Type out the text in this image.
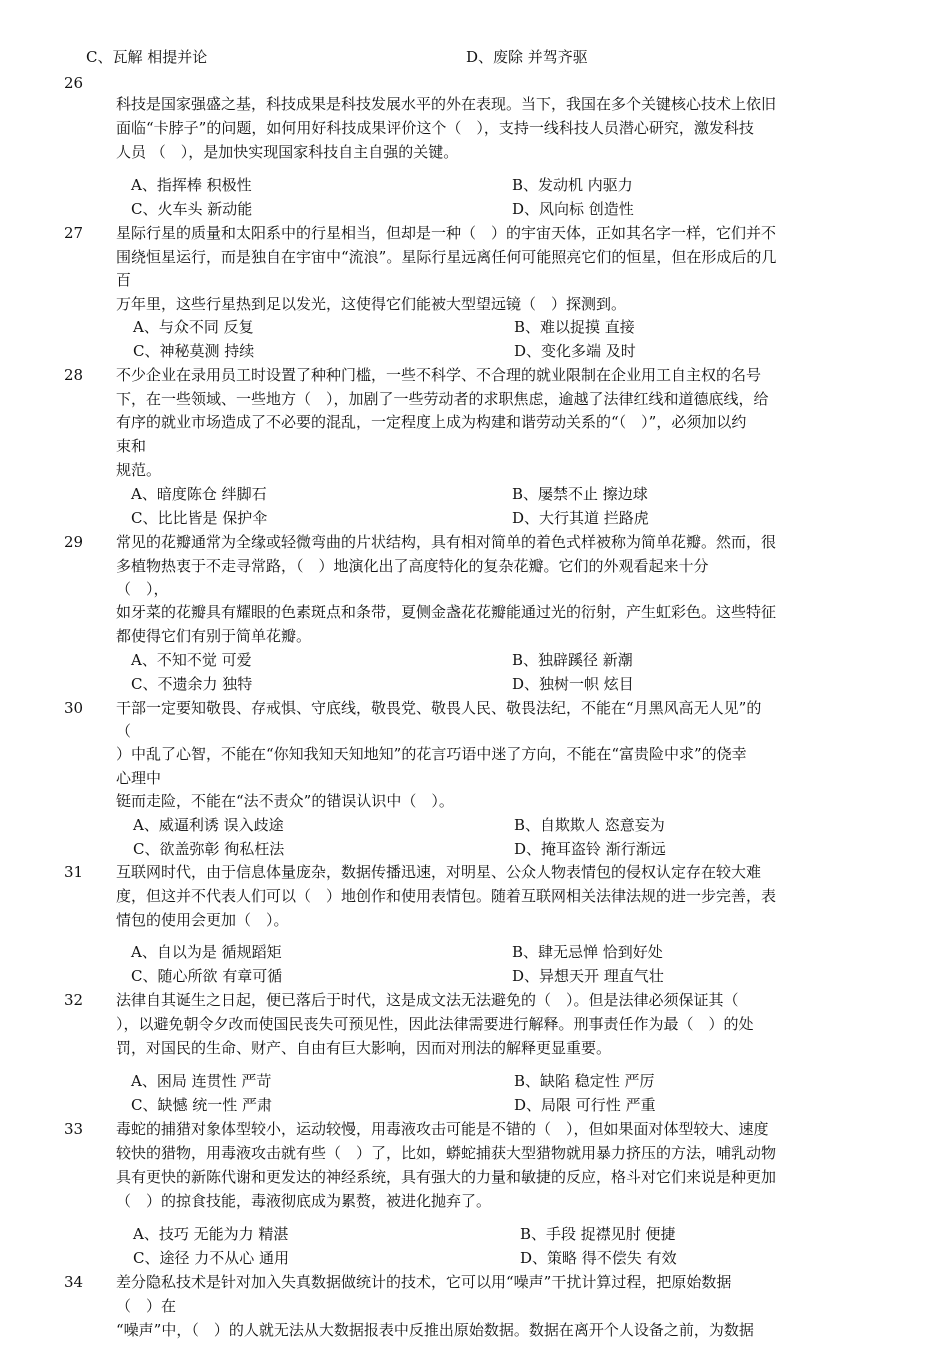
C、瓦解 相提并论	D、废除 并驾齐驱
26
科技是国家强盛之基，科技成果是科技发展水平的外在表现。当下，我国在多个关键核心技术上依旧
面临“卡脖子”的问题，如何用好科技成果评价这个（　），支持一线科技人员潜心研究，激发科技
人员 （　），是加快实现国家科技自主自强的关键。
A、指挥棒 积极性	B、发动机 内驱力
C、火车头 新动能	D、风向标 创造性
27 星际行星的质量和太阳系中的行星相当，但却是一种（　）的宇宙天体，正如其名字一样，它们并不
围绕恒星运行，而是独自在宇宙中“流浪”。星际行星远离任何可能照亮它们的恒星，但在形成后的几
百
万年里，这些行星热到足以发光，这使得它们能被大型望远镜（　）探测到。
A、与众不同 反复	B、难以捉摸 直接
C、神秘莫测 持续	D、变化多端 及时
28 不少企业在录用员工时设置了种种门槛，一些不科学、不合理的就业限制在企业用工自主权的名号
下，在一些领域、一些地方（　），加剧了一些劳动者的求职焦虑，逾越了法律红线和道德底线，给
有序的就业市场造成了不必要的混乱，一定程度上成为构建和谐劳动关系的“（　）”，必须加以约
束和
规范。
A、暗度陈仓 绊脚石	B、屡禁不止 擦边球
C、比比皆是 保护伞	D、大行其道 拦路虎
29 常见的花瓣通常为全缘或轻微弯曲的片状结构，具有相对简单的着色式样被称为简单花瓣。然而，很
多植物热衷于不走寻常路，（　）地演化出了高度特化的复杂花瓣。它们的外观看起来十分
（　），
如牙菜的花瓣具有耀眼的色素斑点和条带，夏侧金盏花花瓣能通过光的衍射，产生虹彩色。这些特征
都使得它们有别于简单花瓣。
A、不知不觉 可爱	B、独辟蹊径 新潮
C、不遗余力 独特	D、独树一帜 炫目
30 干部一定要知敬畏、存戒惧、守底线，敬畏党、敬畏人民、敬畏法纪，不能在“月黑风高无人见”的
（
）中乱了心智，不能在“你知我知天知地知”的花言巧语中迷了方向，不能在“富贵险中求”的侥幸
心理中
铤而走险，不能在“法不责众”的错误认识中（　）。
A、威逼利诱 误入歧途	B、自欺欺人 恣意妄为
C、欲盖弥彰 徇私枉法	D、掩耳盗铃 渐行渐远
31 互联网时代，由于信息体量庞杂，数据传播迅速，对明星、公众人物表情包的侵权认定存在较大难
度，但这并不代表人们可以（　）地创作和使用表情包。随着互联网相关法律法规的进一步完善，表
情包的使用会更加（　）。
A、自以为是 循规蹈矩	B、肆无忌惮 恰到好处
C、随心所欲 有章可循	D、异想天开 理直气壮
32 法律自其诞生之日起，便已落后于时代，这是成文法无法避免的（　）。但是法律必须保证其（
），以避免朝令夕改而使国民丧失可预见性，因此法律需要进行解释。刑事责任作为最（　）的处
罚，对国民的生命、财产、自由有巨大影响，因而对刑法的解释更显重要。
A、困局 连贯性 严苛	B、缺陷 稳定性 严厉
C、缺憾 统一性 严肃	D、局限 可行性 严重
33 毒蛇的捕猎对象体型较小，运动较慢，用毒液攻击可能是不错的（　），但如果面对体型较大、速度
较快的猎物，用毒液攻击就有些（　）了，比如，蟒蛇捕获大型猎物就用暴力挤压的方法，哺乳动物
具有更快的新陈代谢和更发达的神经系统，具有强大的力量和敏捷的反应，格斗对它们来说是种更加
（　）的掠食技能，毒液彻底成为累赘，被进化抛弃了。
A、技巧 无能为力 精湛	B、手段 捉襟见肘 便捷
C、途径 力不从心 通用	D、策略 得不偿失 有效
34 差分隐私技术是针对加入失真数据做统计的技术，它可以用“噪声”干扰计算过程，把原始数据
（　）在
“噪声”中，（　）的人就无法从大数据报表中反推出原始数据。数据在离开个人设备之前，为数据
